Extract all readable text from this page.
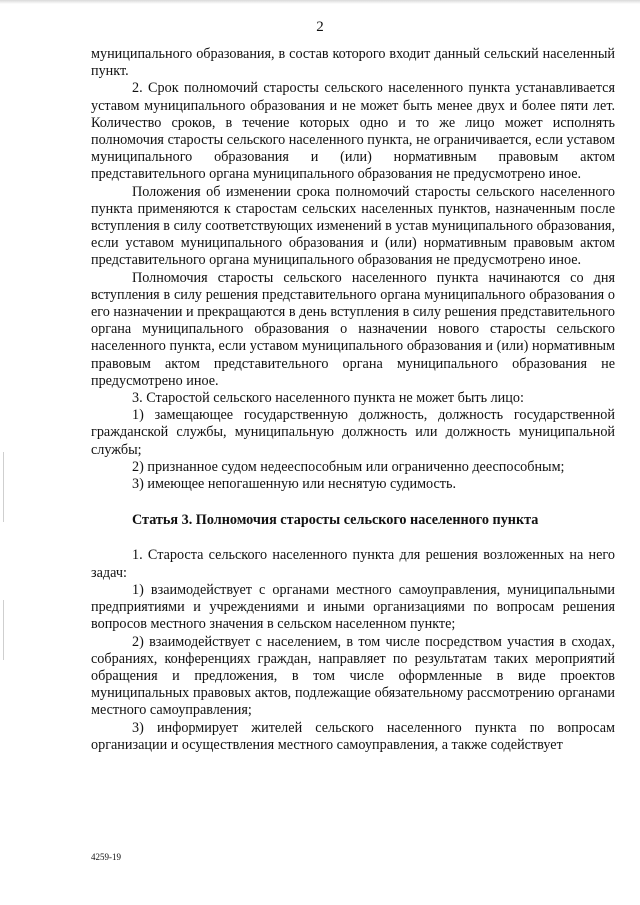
2

муниципального образования, в состав которого входит данный сельский населенный пункт.

2. Срок полномочий старосты сельского населенного пункта устанавливается уставом муниципального образования и не может быть менее двух и более пяти лет. Количество сроков, в течение которых одно и то же лицо может исполнять полномочия старосты сельского населенного пункта, не ограничивается, если уставом муниципального образования и (или) нормативным правовым актом представительного органа муниципального образования не предусмотрено иное.

Положения об изменении срока полномочий старосты сельского населенного пункта применяются к старостам сельских населенных пунктов, назначенным после вступления в силу соответствующих изменений в устав муниципального образования, если уставом муниципального образования и (или) нормативным правовым актом представительного органа муниципального образования не предусмотрено иное.

Полномочия старосты сельского населенного пункта начинаются со дня вступления в силу решения представительного органа муниципального образования о его назначении и прекращаются в день вступления в силу решения представительного органа муниципального образования о назначении нового старосты сельского населенного пункта, если уставом муниципального образования и (или) нормативным правовым актом представительного органа муниципального образования не предусмотрено иное.

3. Старостой сельского населенного пункта не может быть лицо:

1) замещающее государственную должность, должность государственной гражданской службы, муниципальную должность или должность муниципальной службы;

2) признанное судом недееспособным или ограниченно дееспособным;

3) имеющее непогашенную или неснятую судимость.

Статья 3. Полномочия старосты сельского населенного пункта

1. Староста сельского населенного пункта для решения возложенных на него задач:

1) взаимодействует с органами местного самоуправления, муниципальными предприятиями и учреждениями и иными организациями по вопросам решения вопросов местного значения в сельском населенном пункте;

2) взаимодействует с населением, в том числе посредством участия в сходах, собраниях, конференциях граждан, направляет по результатам таких мероприятий обращения и предложения, в том числе оформленные в виде проектов муниципальных правовых актов, подлежащие обязательному рассмотрению органами местного самоуправления;

3) информирует жителей сельского населенного пункта по вопросам организации и осуществления местного самоуправления, а также содействует

4259-19
